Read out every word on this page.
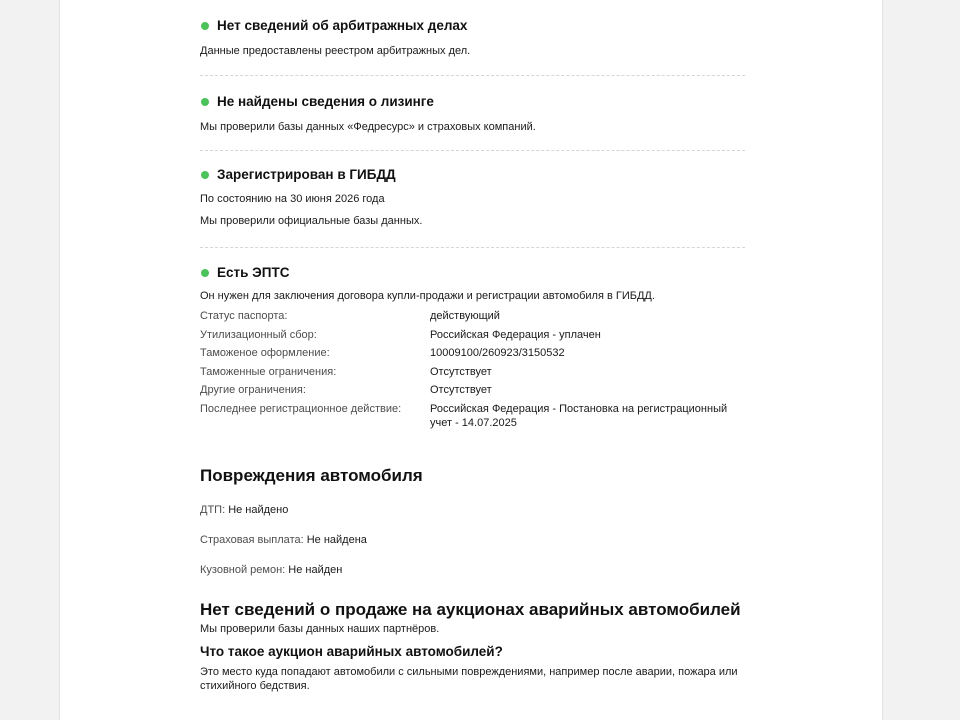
Нет сведений об арбитражных делах

Данные предоставлены реестром арбитражных дел.

Не найдены сведения о лизинге

Мы проверили базы данных «Федресурс» и страховых компаний.

Зарегистрирован в ГИБДД

По состоянию на 30 июня 2026 года

Мы проверили официальные базы данных.

Есть ЭПТС

Он нужен для заключения договора купли-продажи и регистрации автомобиля в ГИБДД.

Статус паспорта:	действующий
Утилизационный сбор:	Российская Федерация - уплачен
Таможеное оформление:	10009100/260923/3150532
Таможенные ограничения:	Отсутствует
Другие ограничения:	Отсутствует
Последнее регистрационное действие:	Российская Федерация - Постановка на регистрационный учет - 14.07.2025
Повреждения автомобиля
ДТП: Не найдено
Страховая выплата: Не найдена
Кузовной ремон: Не найден
Нет сведений о продаже на аукционах аварийных автомобилей

Мы проверили базы данных наших партнёров.

Что такое аукцион аварийных автомобилей?

Это место куда попадают автомобили с сильными повреждениями, например после аварии, пожара или стихийного бедствия.
